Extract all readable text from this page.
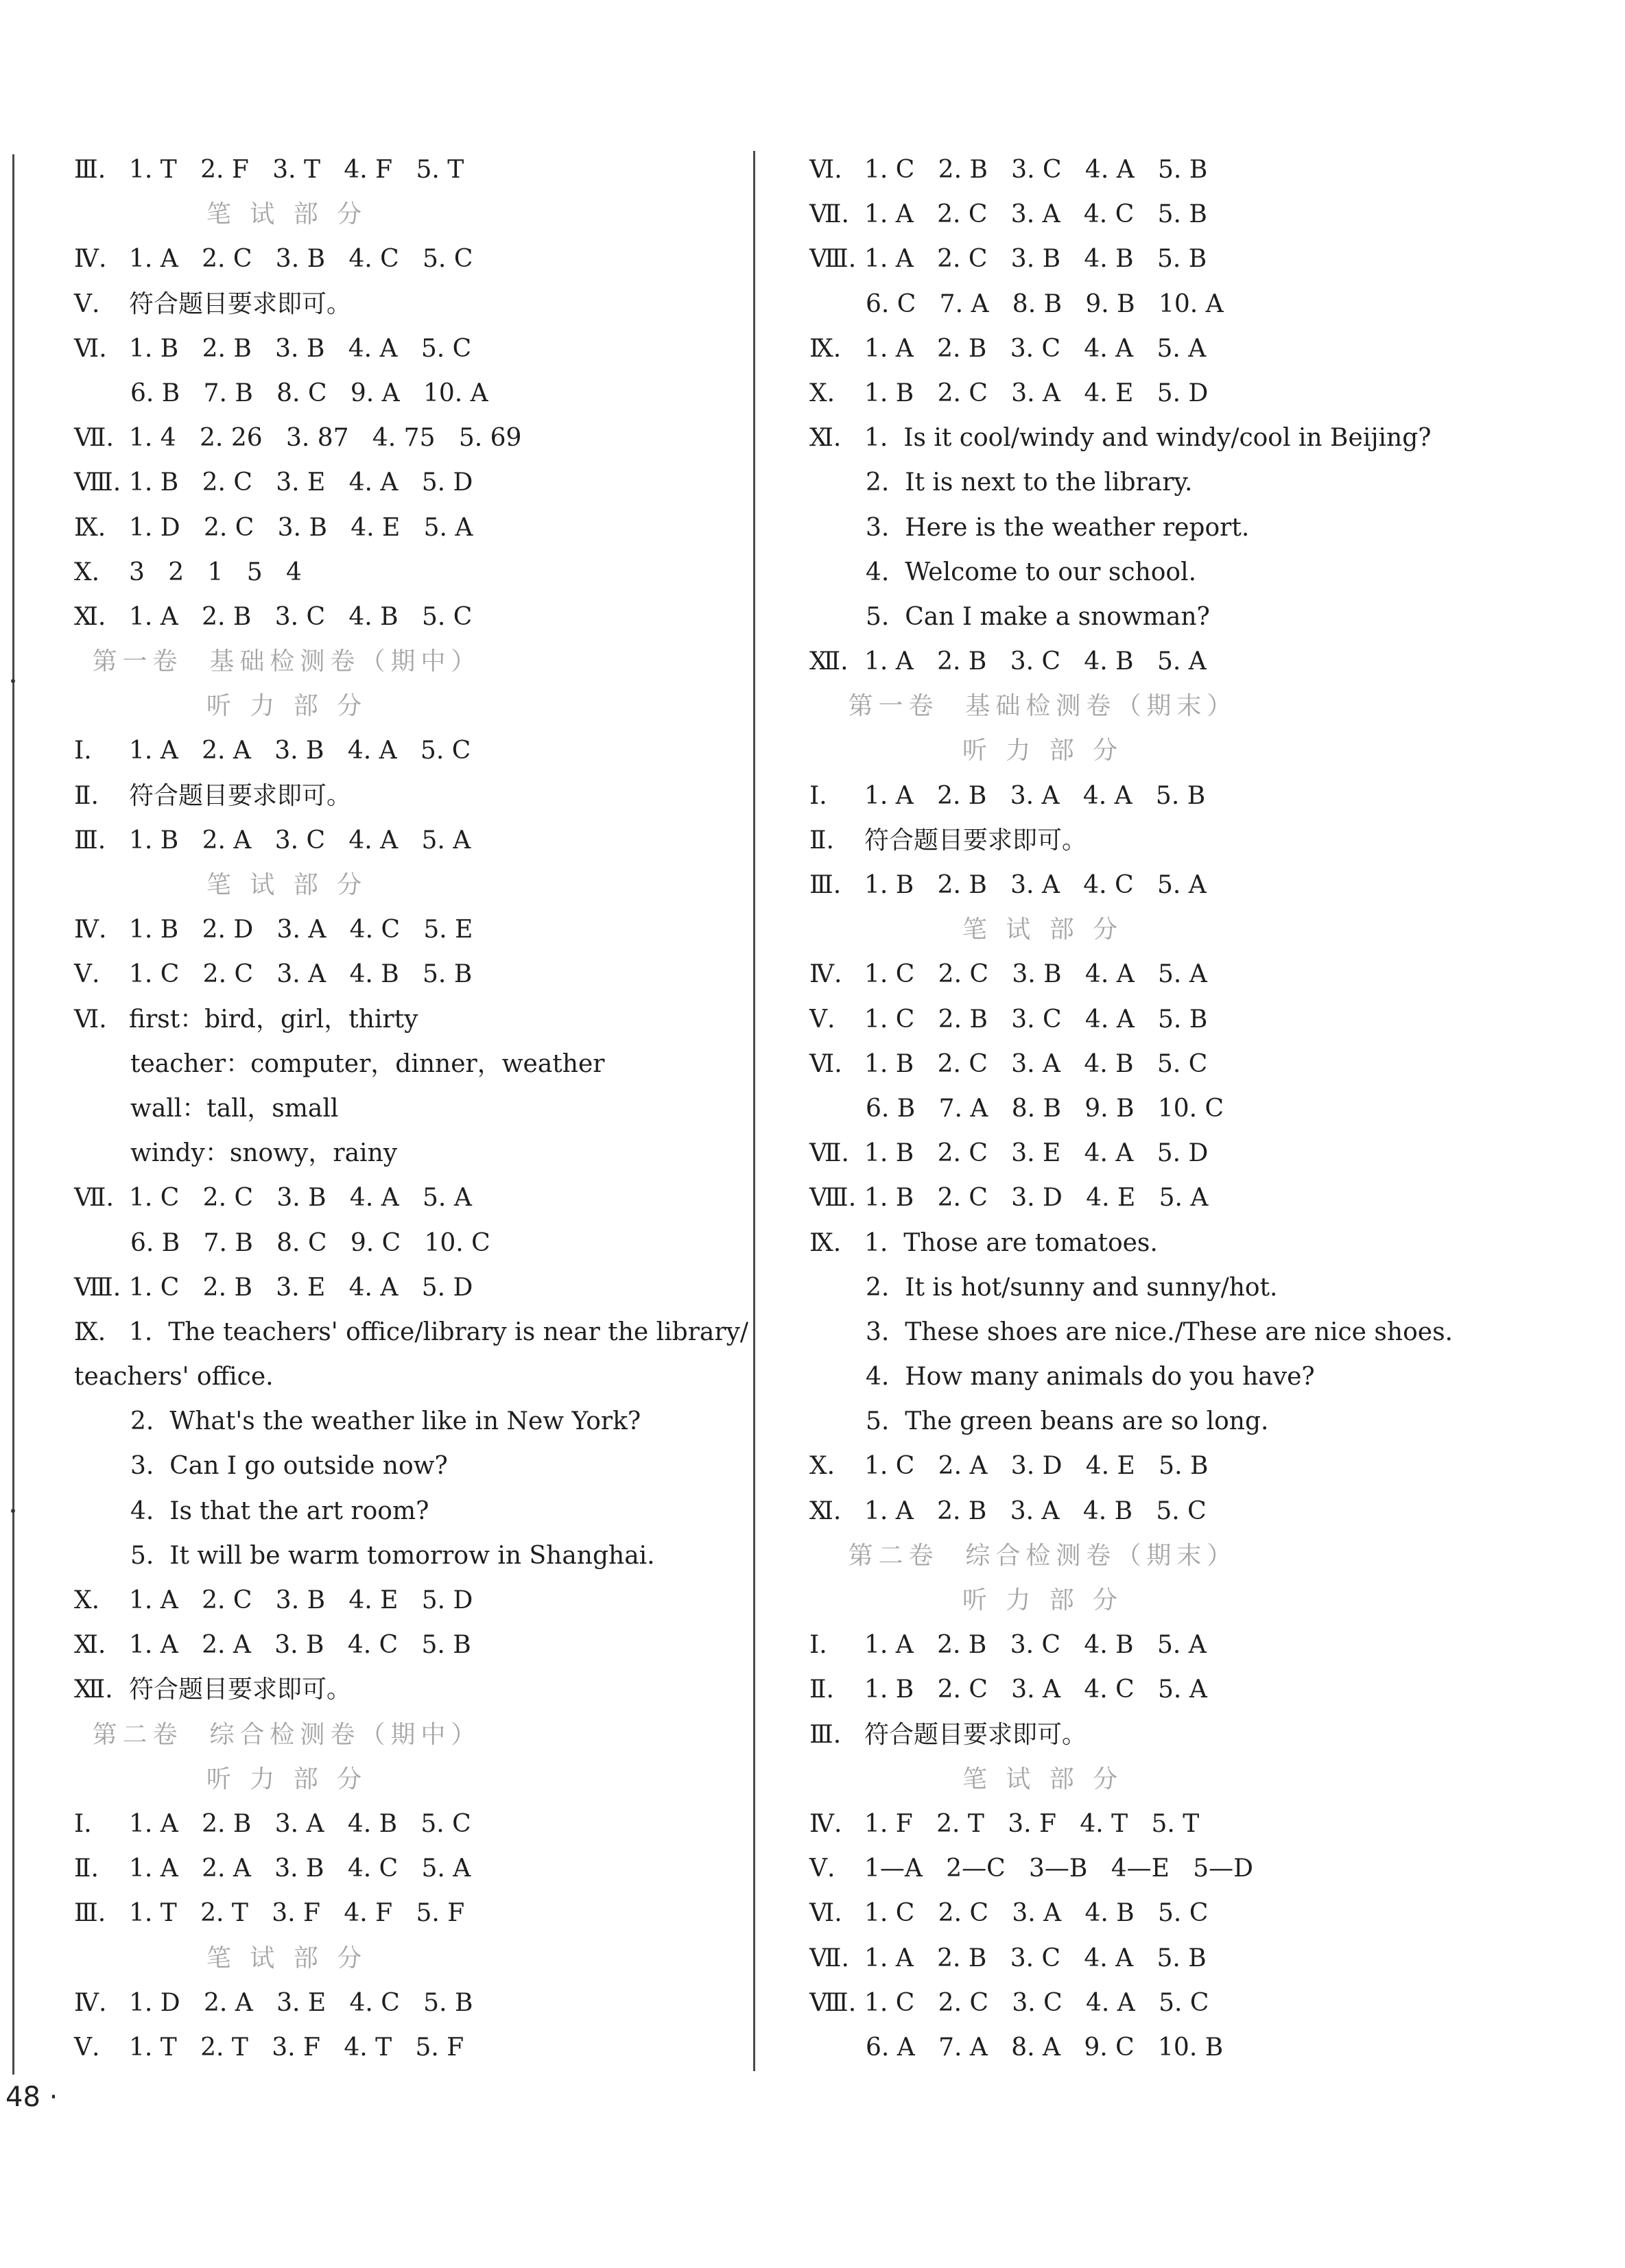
Ⅲ. 1. T   2. F   3. T   4. F   5. T
笔 试 部 分
Ⅳ. 1. A   2. C   3. B   4. C   5. C
Ⅴ. 符合题目要求即可。
Ⅵ. 1. B   2. B   3. B   4. A   5. C
6. B   7. B   8. C   9. A   10. A
Ⅶ. 1. 4   2. 26   3. 87   4. 75   5. 69
Ⅷ. 1. B   2. C   3. E   4. A   5. D
Ⅸ. 1. D   2. C   3. B   4. E   5. A
Ⅹ. 3   2   1   5   4
Ⅺ. 1. A   2. B   3. C   4. B   5. C
第一卷  基础检测卷（期中）
听 力 部 分
Ⅰ. 1. A   2. A   3. B   4. A   5. C
Ⅱ. 符合题目要求即可。
Ⅲ. 1. B   2. A   3. C   4. A   5. A
笔 试 部 分
Ⅳ. 1. B   2. D   3. A   4. C   5. E
Ⅴ. 1. C   2. C   3. A   4. B   5. B
Ⅵ. first：bird，girl，thirty
teacher：computer，dinner，weather
wall：tall，small
windy：snowy，rainy
Ⅶ. 1. C   2. C   3. B   4. A   5. A
6. B   7. B   8. C   9. C   10. C
Ⅷ. 1. C   2. B   3. E   4. A   5. D
Ⅸ. 1.  The teachers' office/library is near the library/
teachers' office.
2.  What's the weather like in New York?
3.  Can I go outside now?
4.  Is that the art room?
5.  It will be warm tomorrow in Shanghai.
Ⅹ. 1. A   2. C   3. B   4. E   5. D
Ⅺ. 1. A   2. A   3. B   4. C   5. B
Ⅻ. 符合题目要求即可。
第二卷  综合检测卷（期中）
听 力 部 分
Ⅰ. 1. A   2. B   3. A   4. B   5. C
Ⅱ. 1. A   2. A   3. B   4. C   5. A
Ⅲ. 1. T   2. T   3. F   4. F   5. F
笔 试 部 分
Ⅳ. 1. D   2. A   3. E   4. C   5. B
Ⅴ. 1. T   2. T   3. F   4. T   5. F
Ⅵ. 1. C   2. B   3. C   4. A   5. B
Ⅶ. 1. A   2. C   3. A   4. C   5. B
Ⅷ. 1. A   2. C   3. B   4. B   5. B
6. C   7. A   8. B   9. B   10. A
Ⅸ. 1. A   2. B   3. C   4. A   5. A
Ⅹ. 1. B   2. C   3. A   4. E   5. D
Ⅺ. 1.  Is it cool/windy and windy/cool in Beijing?
2.  It is next to the library.
3.  Here is the weather report.
4.  Welcome to our school.
5.  Can I make a snowman?
Ⅻ. 1. A   2. B   3. C   4. B   5. A
第一卷  基础检测卷（期末）
听 力 部 分
Ⅰ. 1. A   2. B   3. A   4. A   5. B
Ⅱ. 符合题目要求即可。
Ⅲ. 1. B   2. B   3. A   4. C   5. A
笔 试 部 分
Ⅳ. 1. C   2. C   3. B   4. A   5. A
Ⅴ. 1. C   2. B   3. C   4. A   5. B
Ⅵ. 1. B   2. C   3. A   4. B   5. C
6. B   7. A   8. B   9. B   10. C
Ⅶ. 1. B   2. C   3. E   4. A   5. D
Ⅷ. 1. B   2. C   3. D   4. E   5. A
Ⅸ. 1.  Those are tomatoes.
2.  It is hot/sunny and sunny/hot.
3.  These shoes are nice./These are nice shoes.
4.  How many animals do you have?
5.  The green beans are so long.
Ⅹ. 1. C   2. A   3. D   4. E   5. B
Ⅺ. 1. A   2. B   3. A   4. B   5. C
第二卷  综合检测卷（期末）
听 力 部 分
Ⅰ. 1. A   2. B   3. C   4. B   5. A
Ⅱ. 1. B   2. C   3. A   4. C   5. A
Ⅲ. 符合题目要求即可。
笔 试 部 分
Ⅳ. 1. F   2. T   3. F   4. T   5. T
Ⅴ. 1—A   2—C   3—B   4—E   5—D
Ⅵ. 1. C   2. C   3. A   4. B   5. C
Ⅶ. 1. A   2. B   3. C   4. A   5. B
Ⅷ. 1. C   2. C   3. C   4. A   5. C
6. A   7. A   8. A   9. C   10. B
48 ·
